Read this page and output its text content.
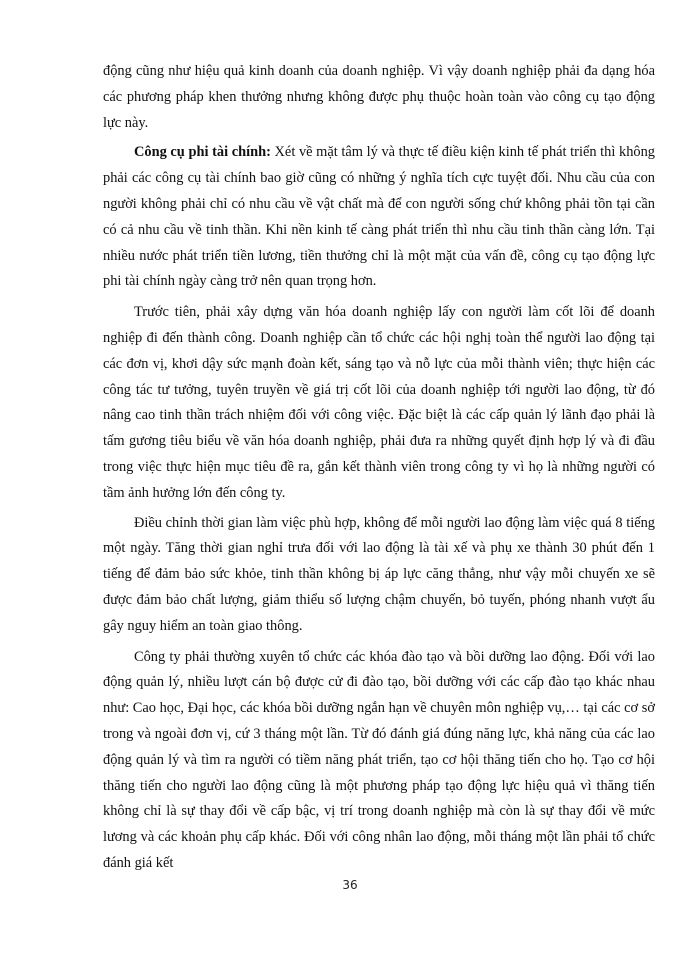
động cũng như hiệu quả kinh doanh của doanh nghiệp. Vì vậy doanh nghiệp phải đa dạng hóa các phương pháp khen thưởng nhưng không được phụ thuộc hoàn toàn vào công cụ tạo động lực này.

Công cụ phi tài chính: Xét về mặt tâm lý và thực tế điều kiện kinh tế phát triển thì không phải các công cụ tài chính bao giờ cũng có những ý nghĩa tích cực tuyệt đối. Nhu cầu của con người không phải chỉ có nhu cầu về vật chất mà để con người sống chứ không phải tồn tại cần có cả nhu cầu về tinh thần. Khi nền kinh tế càng phát triển thì nhu cầu tinh thần càng lớn. Tại nhiều nước phát triển tiền lương, tiền thưởng chỉ là một mặt của vấn đề, công cụ tạo động lực phi tài chính ngày càng trở nên quan trọng hơn.

Trước tiên, phải xây dựng văn hóa doanh nghiệp lấy con người làm cốt lõi để doanh nghiệp đi đến thành công. Doanh nghiệp cần tổ chức các hội nghị toàn thể người lao động tại các đơn vị, khơi dậy sức mạnh đoàn kết, sáng tạo và nỗ lực của mỗi thành viên; thực hiện các công tác tư tưởng, tuyên truyền về giá trị cốt lõi của doanh nghiệp tới người lao động, từ đó nâng cao tinh thần trách nhiệm đối với công việc. Đặc biệt là các cấp quản lý lãnh đạo phải là tấm gương tiêu biểu về văn hóa doanh nghiệp, phải đưa ra những quyết định hợp lý và đi đầu trong việc thực hiện mục tiêu đề ra, gắn kết thành viên trong công ty vì họ là những người có tầm ảnh hưởng lớn đến công ty.

Điều chỉnh thời gian làm việc phù hợp, không để mỗi người lao động làm việc quá 8 tiếng một ngày. Tăng thời gian nghỉ trưa đối với lao động là tài xế và phụ xe thành 30 phút đến 1 tiếng để đảm bảo sức khỏe, tinh thần không bị áp lực căng thẳng, như vậy mỗi chuyến xe sẽ được đảm bảo chất lượng, giảm thiểu số lượng chậm chuyến, bỏ tuyến, phóng nhanh vượt ẩu gây nguy hiểm an toàn giao thông.

Công ty phải thường xuyên tổ chức các khóa đào tạo và bồi dưỡng lao động. Đối với lao động quản lý, nhiều lượt cán bộ được cử đi đào tạo, bồi dưỡng với các cấp đào tạo khác nhau như: Cao học, Đại học, các khóa bồi dưỡng ngắn hạn về chuyên môn nghiệp vụ,… tại các cơ sở trong và ngoài đơn vị, cứ 3 tháng một lần. Từ đó đánh giá đúng năng lực, khả năng của các lao động quản lý và tìm ra người có tiềm năng phát triển, tạo cơ hội thăng tiến cho họ. Tạo cơ hội thăng tiến cho người lao động cũng là một phương pháp tạo động lực hiệu quả vì thăng tiến không chỉ là sự thay đổi về cấp bậc, vị trí trong doanh nghiệp mà còn là sự thay đổi về mức lương và các khoản phụ cấp khác. Đối với công nhân lao động, mỗi tháng một lần phải tổ chức đánh giá kết

36
